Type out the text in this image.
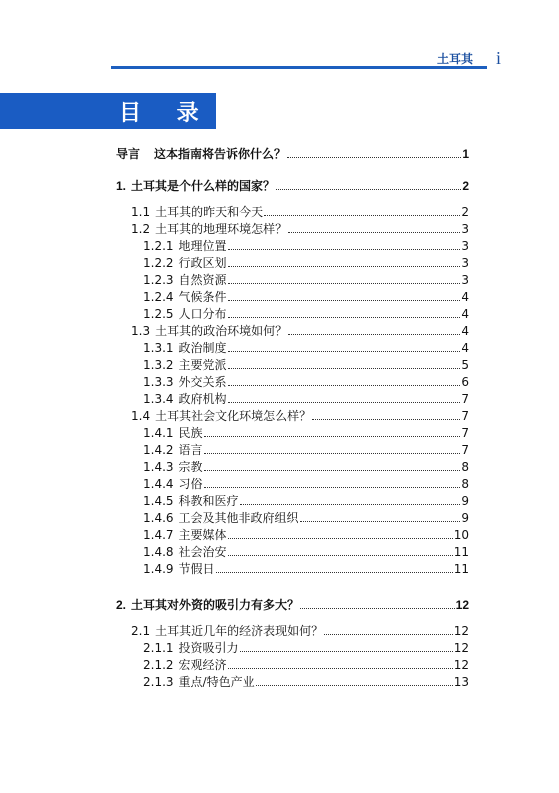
土耳其 i
目 录
导言 这本指南将告诉你什么？	1
1. 土耳其是个什么样的国家？	2
1.1 土耳其的昨天和今天	2
1.2 土耳其的地理环境怎样？	3
1.2.1 地理位置	3
1.2.2 行政区划	3
1.2.3 自然资源	3
1.2.4 气候条件	4
1.2.5 人口分布	4
1.3 土耳其的政治环境如何？	4
1.3.1 政治制度	4
1.3.2 主要党派	5
1.3.3 外交关系	6
1.3.4 政府机构	7
1.4 土耳其社会文化环境怎么样？	7
1.4.1 民族	7
1.4.2 语言	7
1.4.3 宗教	8
1.4.4 习俗	8
1.4.5 科教和医疗	9
1.4.6 工会及其他非政府组织	9
1.4.7 主要媒体	10
1.4.8 社会治安	11
1.4.9 节假日	11
2. 土耳其对外资的吸引力有多大？	12
2.1 土耳其近几年的经济表现如何？	12
2.1.1 投资吸引力	12
2.1.2 宏观经济	12
2.1.3 重点/特色产业	13
